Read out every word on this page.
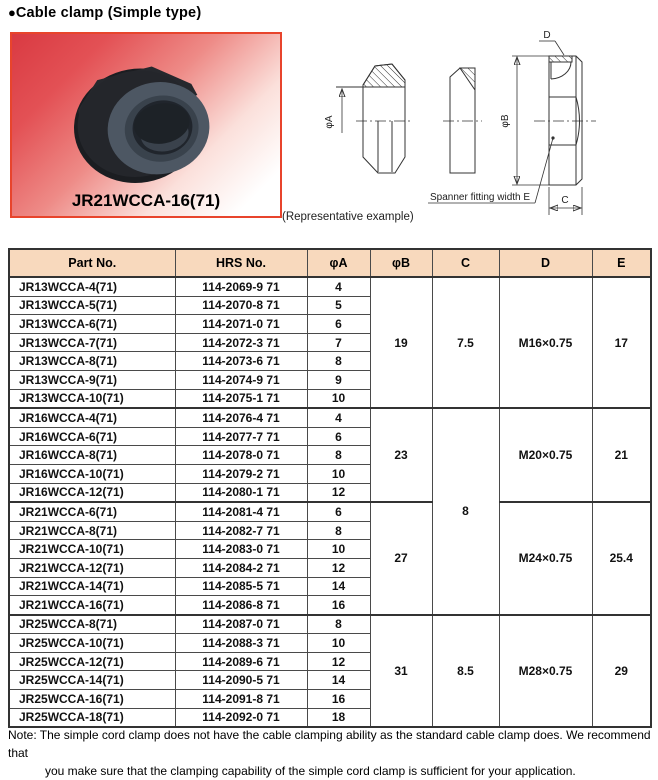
● Cable clamp (Simple type)
JR21WCCA-16(71)
φA	φB
D
C
Spanner fitting width E
(Representative example)
Part No.	HRS No.	φA	φB	C	D	E
JR13WCCA-4(71)	114-2069-9 71	4	19	7.5	M16×0.75	17
JR13WCCA-5(71)	114-2070-8 71	5				
JR13WCCA-6(71)	114-2071-0 71	6				
JR13WCCA-7(71)	114-2072-3 71	7				
JR13WCCA-8(71)	114-2073-6 71	8				
JR13WCCA-9(71)	114-2074-9 71	9				
JR13WCCA-10(71)	114-2075-1 71	10				
JR16WCCA-4(71)	114-2076-4 71	4	23	8	M20×0.75	21
JR16WCCA-6(71)	114-2077-7 71	6				
JR16WCCA-8(71)	114-2078-0 71	8				
JR16WCCA-10(71)	114-2079-2 71	10				
JR16WCCA-12(71)	114-2080-1 71	12				
JR21WCCA-6(71)	114-2081-4 71	6	27		M24×0.75	25.4
JR21WCCA-8(71)	114-2082-7 71	8				
JR21WCCA-10(71)	114-2083-0 71	10				
JR21WCCA-12(71)	114-2084-2 71	12				
JR21WCCA-14(71)	114-2085-5 71	14				
JR21WCCA-16(71)	114-2086-8 71	16				
JR25WCCA-8(71)	114-2087-0 71	8	31	8.5	M28×0.75	29
JR25WCCA-10(71)	114-2088-3 71	10				
JR25WCCA-12(71)	114-2089-6 71	12				
JR25WCCA-14(71)	114-2090-5 71	14				
JR25WCCA-16(71)	114-2091-8 71	16				
JR25WCCA-18(71)	114-2092-0 71	18				
Note: The simple cord clamp does not have the cable clamping ability as the standard cable clamp does. We recommend that
you make sure that the clamping capability of the simple cord clamp is sufficient for your application.
